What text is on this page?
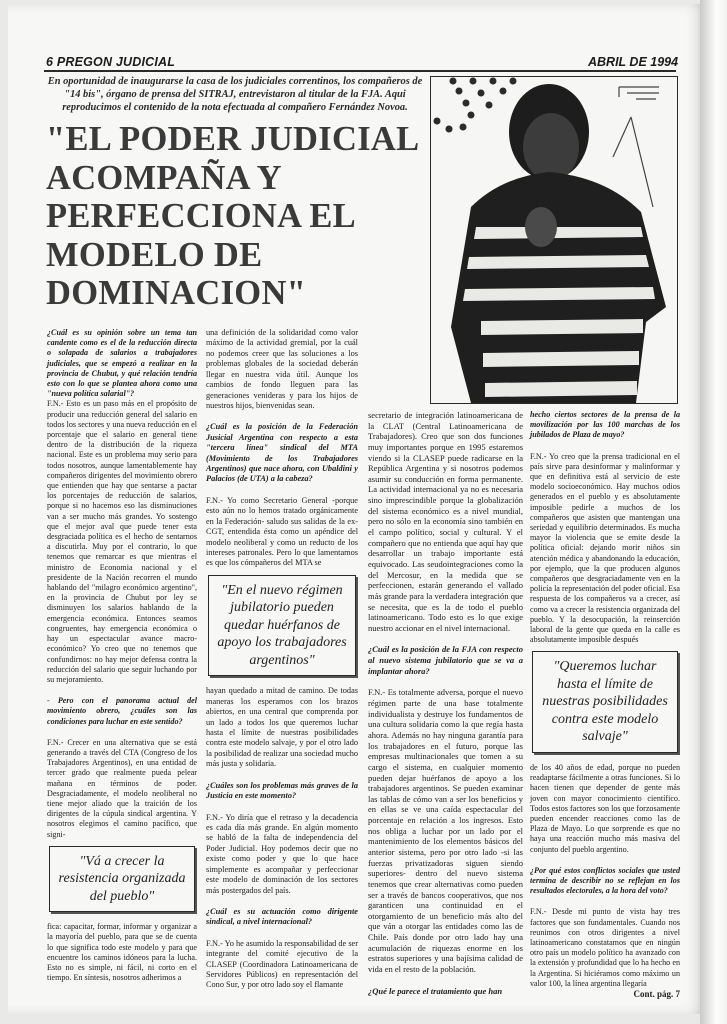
6 PREGON JUDICIAL	ABRIL DE 1994
En oportunidad de inaugurarse la casa de los judiciales correntinos, los compañeros de "14 bis", órgano de prensa del SITRAJ, entrevistaron al titular de la FJA. Aqui reproducimos el contenido de la nota efectuada al compañero Fernández Novoa.
"EL PODER JUDICIAL ACOMPAÑA Y PERFECCIONA EL MODELO DE DOMINACION"

¿Cuál es su opinión sobre un tema tan candente como es el de la reducción directa o solapada de salarios a trabajadores judiciales, que se empezó a realizar en la provincia de Chubut, y qué relación tendría esto con lo que se plantea ahora como una "nueva política salarial"?

F.N.- Esto es un paso más en el propósito de producir una reducción general del salario en todos los sectores y una nueva reducción en el porcentaje que el salario en general tiene dentro de la distribución de la riqueza nacional. Este es un problema muy serio para todos nosotros, aunque lamentablemente hay compañeros dirigentes del movimiento obrero que entienden que hay que sentarse a pactar los porcentajes de reducción de salarios, porque si no hacemos eso las disminuciones van a ser mucho más grandes. Yo sostengo que el mejor aval que puede tener esta desgraciada política es el hecho de sentarnos a discutirla. Muy por el contrario, lo que tenemos que remarcar es que mientras el ministro de Economia nacional y el presidente de la Nación recorren el mundo hablando del "milagro económico argentino", en la provincia de Chubut por ley se disminuyen los salarios hablando de la emergencia económica. Entonces seamos congruentes, hay emergencia económica o hay un espectacular avance macro-económico? Yo creo que no tenemos que confundirnos: no hay mejor defensa contra la reducción del salario que seguir luchando por su mejoramiento.

- Pero con el panorama actual del movimiento obrero, ¿cuáles son las condiciones para luchar en este sentido?

F.N.- Crecer en una alternativa que se está generando a través del CTA (Congreso de los Trabajadores Argentinos), en una entidad de tercer grado que realmente pueda pelear mañana en términos de poder. Desgraciadamente, el modelo neoliberal no tiene mejor aliado que la traición de los dirigentes de la cúpula sindical argentina. Y nosotros elegimos el camino pacífico, que signi-

"Vá a crecer la resistencia organizada del pueblo"

fica: capacitar, formar, informar y organizar a la mayoría del pueblo, para que se de cuenta lo que significa todo este modelo y para que encuentre los caminos idóneos para la lucha. Esto no es simple, ni fácil, ni corto en el tiempo. En síntesis, nosotros adherimos a

una definición de la solidaridad como valor máximo de la actividad gremial, por la cuál no podemos creer que las soluciones a los problemas globales de la sociedad deberán llegar en nuestra vida útil. Aunque los cambios de fondo lleguen para las generaciones venideras y para los hijos de nuestros hijos, bienvenidas sean.

¿Cuál es la posición de la Federación Jusicial Argentina con respecto a esta "tercera línea" sindical del MTA (Movimiento de los Trabajadores Argentinos) que nace ahora, con Ubaldini y Palacios (de UTA) a la cabeza?

F.N.- Yo como Secretario General -porque esto aún no lo hemos tratado orgánicamente en la Federación- saludo sus salidas de la ex-CGT, entendida ésta como un apéndice del modelo neoliberal y como un reducto de los intereses patronales. Pero lo que lamentamos es que los cómpañeros del MTA se

"En el nuevo régimen jubilatorio pueden quedar huérfanos de apoyo los trabajadores argentinos"

hayan quedado a mitad de camino. De todas maneras los esperamos con los brazos abiertos, en una central que comprenda por un lado a todos los que queremos luchar hasta el límite de nuestras posibilidades contra este modelo salvaje, y por el otro lado la posibilidad de realizar una sociedad mucho más justa y solidaria.

¿Cuáles son los problemas más graves de la Justicia en este momento?

F.N.- Yo diría que el retraso y la decadencia es cada día más grande. En algún momento se habló de la falta de independencia del Poder Judicial. Hoy podemos decir que no existe como poder y que lo que hace simplemente es acompañar y perfeccionar este modelo de dominación de los sectores más postergados del país.

¿Cuál es su actuación como dirigente sindical, a nivel internacional?

F.N.- Yo he asumido la responsabilidad de ser integrante del comité ejecutivo de la CLASEP (Coordinadora Latinoamericana de Servidores Públicos) en representación del Cono Sur, y por otro lado soy el flamante

secretario de integración latinoamericana de la CLAT (Central Latinoamericana de Trabajadores). Creo que son dos funciones muy importantes porque en 1995 estaremos viendo si la CLASEP puede radicarse en la República Argentina y si nosotros podemos asumir su conducción en forma permanente. La actividad internacional ya no es necesaria sino imprescindible porque la globalización del sistema económico es a nivel mundial, pero no sólo en la economía sino también en el campo político, social y cultural. Y el compañero que no entienda que aquí hay que desarrollar un trabajo importante está equivocado. Las seudointegraciones como la del Mercosur, en la medida que se perfeccionen, estarán generando el vallado más grande para la verdadera integración que se necesita, que es la de todo el pueblo latinoamericano. Todo esto es lo que exige nuestro accionar en el nivel internacional.

¿Cuál es la posición de la FJA con respecto al nuevo sistema jubilatorio que se va a implantar ahora?

F.N.- Es totalmente adversa, porque el nuevo régimen parte de una base totalmente individualista y destruye los fundamentos de una cultura solidaria como la que regía hasta ahora. Además no hay ninguna garantía para los trabajadores en el futuro, porque las empresas multinacionales que tomen a su cargo el sistema, en cualquier momento pueden dejar huérfanos de apoyo a los trabajadores argentinos. Se pueden examinar las tablas de cómo van a ser los beneficios y en ellas se ve una caída espectacular del porcentaje en relación a los ingresos. Esto nos obliga a luchar por un lado por el mantenimiento de los elementos básicos del anterior sistema, pero por otro lado -si las fuerzas privatizadoras siguen siendo superiores- dentro del nuevo sistema tenemos que crear alternativas como pueden ser a través de bancos cooperativos, que nos garanticen una continuidad en el otorgamiento de un beneficio más alto del que ván a otorgar las entidades como las de Chile. País donde por otro lado hay una acumulación de riquezas enorme en los estratos superiores y una bajísima calidad de vida en el resto de la población.

¿Qué le parece el tratamiento que han

hecho ciertos sectores de la prensa de la movilización por las 100 marchas de los jubilados de Plaza de mayo?

F.N.- Yo creo que la prensa tradicional en el país sirve para desinformar y malinformar y que en definitiva está al servicio de este modelo socioeconómico. Hay muchos odios generados en el pueblo y es absolutamente imposible pedirle a muchos de los compañeros que asisten que mantengan una seriedad y equilibrio determinados. Es mucha mayor la violencia que se emite desde la política oficial: dejando morir niños sin atención médica y abandonando la educación, por ejemplo, que la que producen algunos compañeros que desgraciadamente ven en la policía la representación del poder oficial. Esa respuesta de los compañeros va a crecer, así como va a crecer la resistencia organizada del pueblo. Y la desocupación, la reinserción laboral de la gente que queda en la calle es absolutamente imposible después

"Queremos luchar hasta el límite de nuestras posibilidades contra este modelo salvaje"

de los 40 años de edad, porque no pueden readaptarse fácilmente a otras funciones. Si lo hacen tienen que depender de gente más joven con mayor conocimiento científico. Todos estos factores son los que forzosamente pueden encender reacciones como las de Plaza de Mayo. Lo que sorprende es que no haya una reacción mucho más masiva del conjunto del pueblo argentino.

¿Por qué estos conflictos sociales que usted termina de describir no se reflejan en los resultados electorales, a la hora del voto?

F.N.- Desde mi punto de vista hay tres factores que son fundamentales. Cuando nos reunimos con otros dirigentes a nivel latinoamericano constatamos que en ningún otro país un modelo político ha avanzado con la extensión y profundidad que lo ha hecho en la Argentina. Si hiciéramos como máximo un valor 100, la línea argentina llegaría

Cont. pág. 7
